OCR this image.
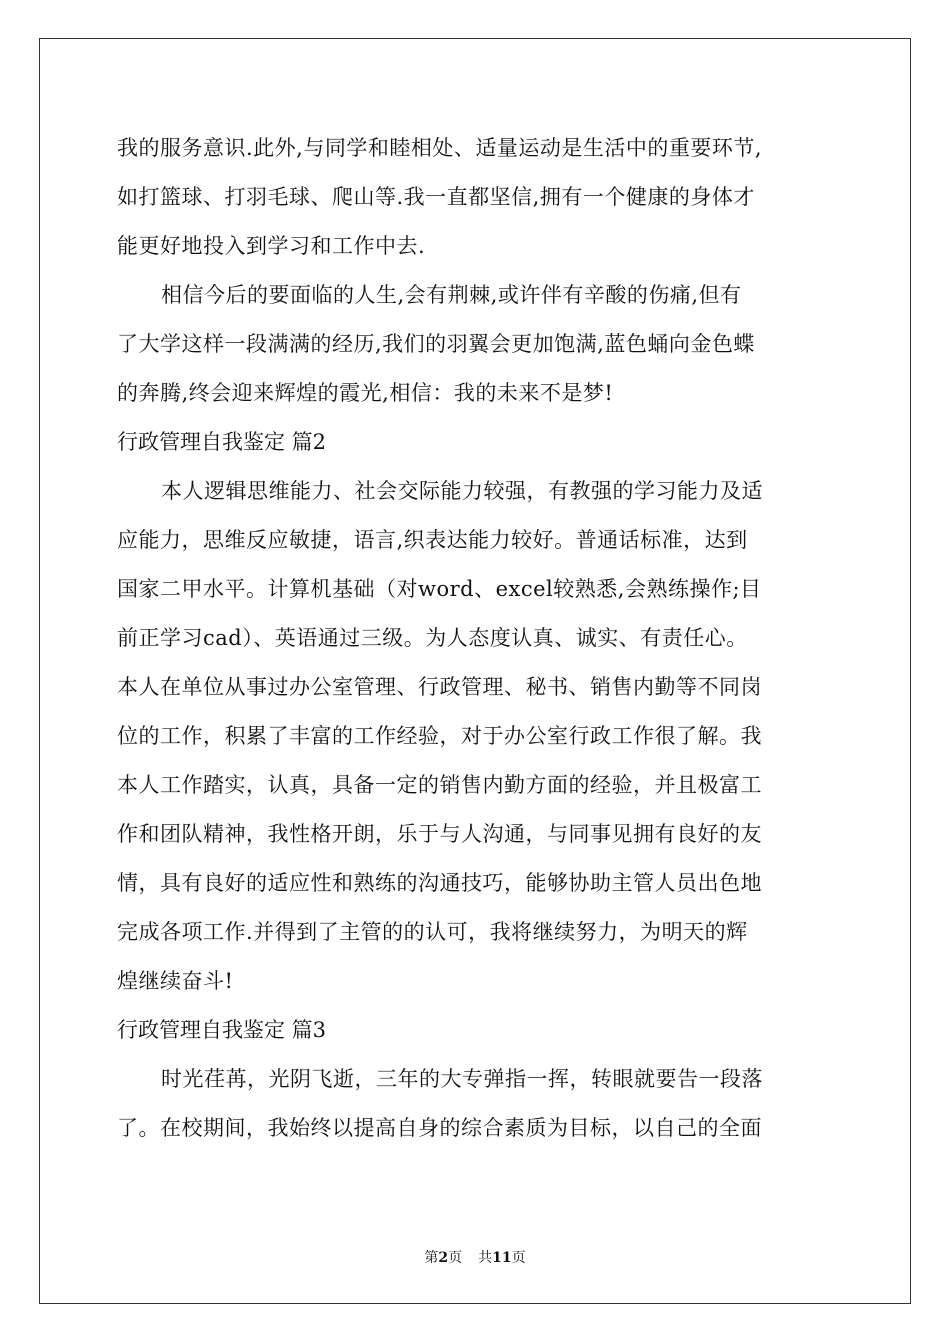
我的服务意识.此外,与同学和睦相处、适量运动是生活中的重要环节,
如打篮球、打羽毛球、爬山等.我一直都坚信,拥有一个健康的身体才
能更好地投入到学习和工作中去.
相信今后的要面临的人生,会有荆棘,或许伴有辛酸的伤痛,但有
了大学这样一段满满的经历,我们的羽翼会更加饱满,蓝色蛹向金色蝶
的奔腾,终会迎来辉煌的霞光,相信：我的未来不是梦!
行政管理自我鉴定 篇2
本人逻辑思维能力、社会交际能力较强，有教强的学习能力及适
应能力，思维反应敏捷，语言,织表达能力较好。普通话标准，达到
国家二甲水平。计算机基础（对word、excel较熟悉,会熟练操作;目
前正学习cad）、英语通过三级。为人态度认真、诚实、有责任心。
本人在单位从事过办公室管理、行政管理、秘书、销售内勤等不同岗
位的工作，积累了丰富的工作经验，对于办公室行政工作很了解。我
本人工作踏实，认真，具备一定的销售内勤方面的经验，并且极富工
作和团队精神，我性格开朗，乐于与人沟通，与同事见拥有良好的友
情，具有良好的适应性和熟练的沟通技巧，能够协助主管人员出色地
完成各项工作.并得到了主管的的认可，我将继续努力，为明天的辉
煌继续奋斗!
行政管理自我鉴定 篇3
时光荏苒，光阴飞逝，三年的大专弹指一挥，转眼就要告一段落
了。在校期间，我始终以提高自身的综合素质为目标，以自己的全面
第2页 共11页
